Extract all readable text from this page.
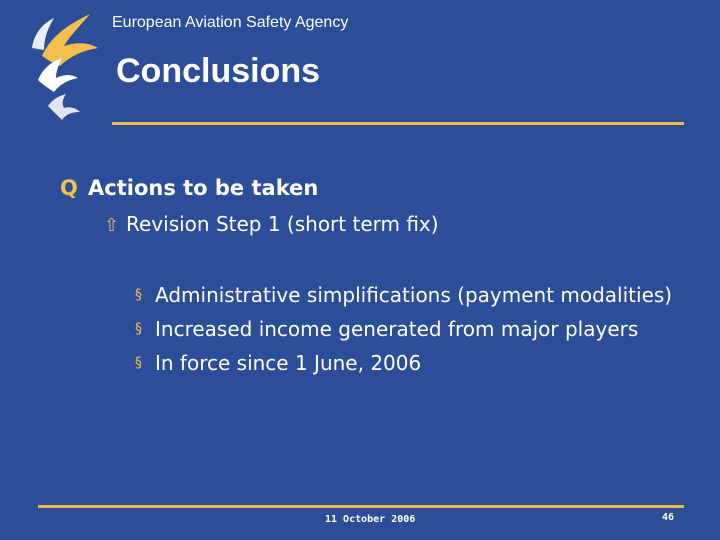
European Aviation Safety Agency
Conclusions
Q Actions to be taken
⇧ Revision Step 1 (short term fix)
§ Administrative simplifications (payment modalities)
§ Increased income generated from major players
§ In force since 1 June, 2006
11 October 2006	46
